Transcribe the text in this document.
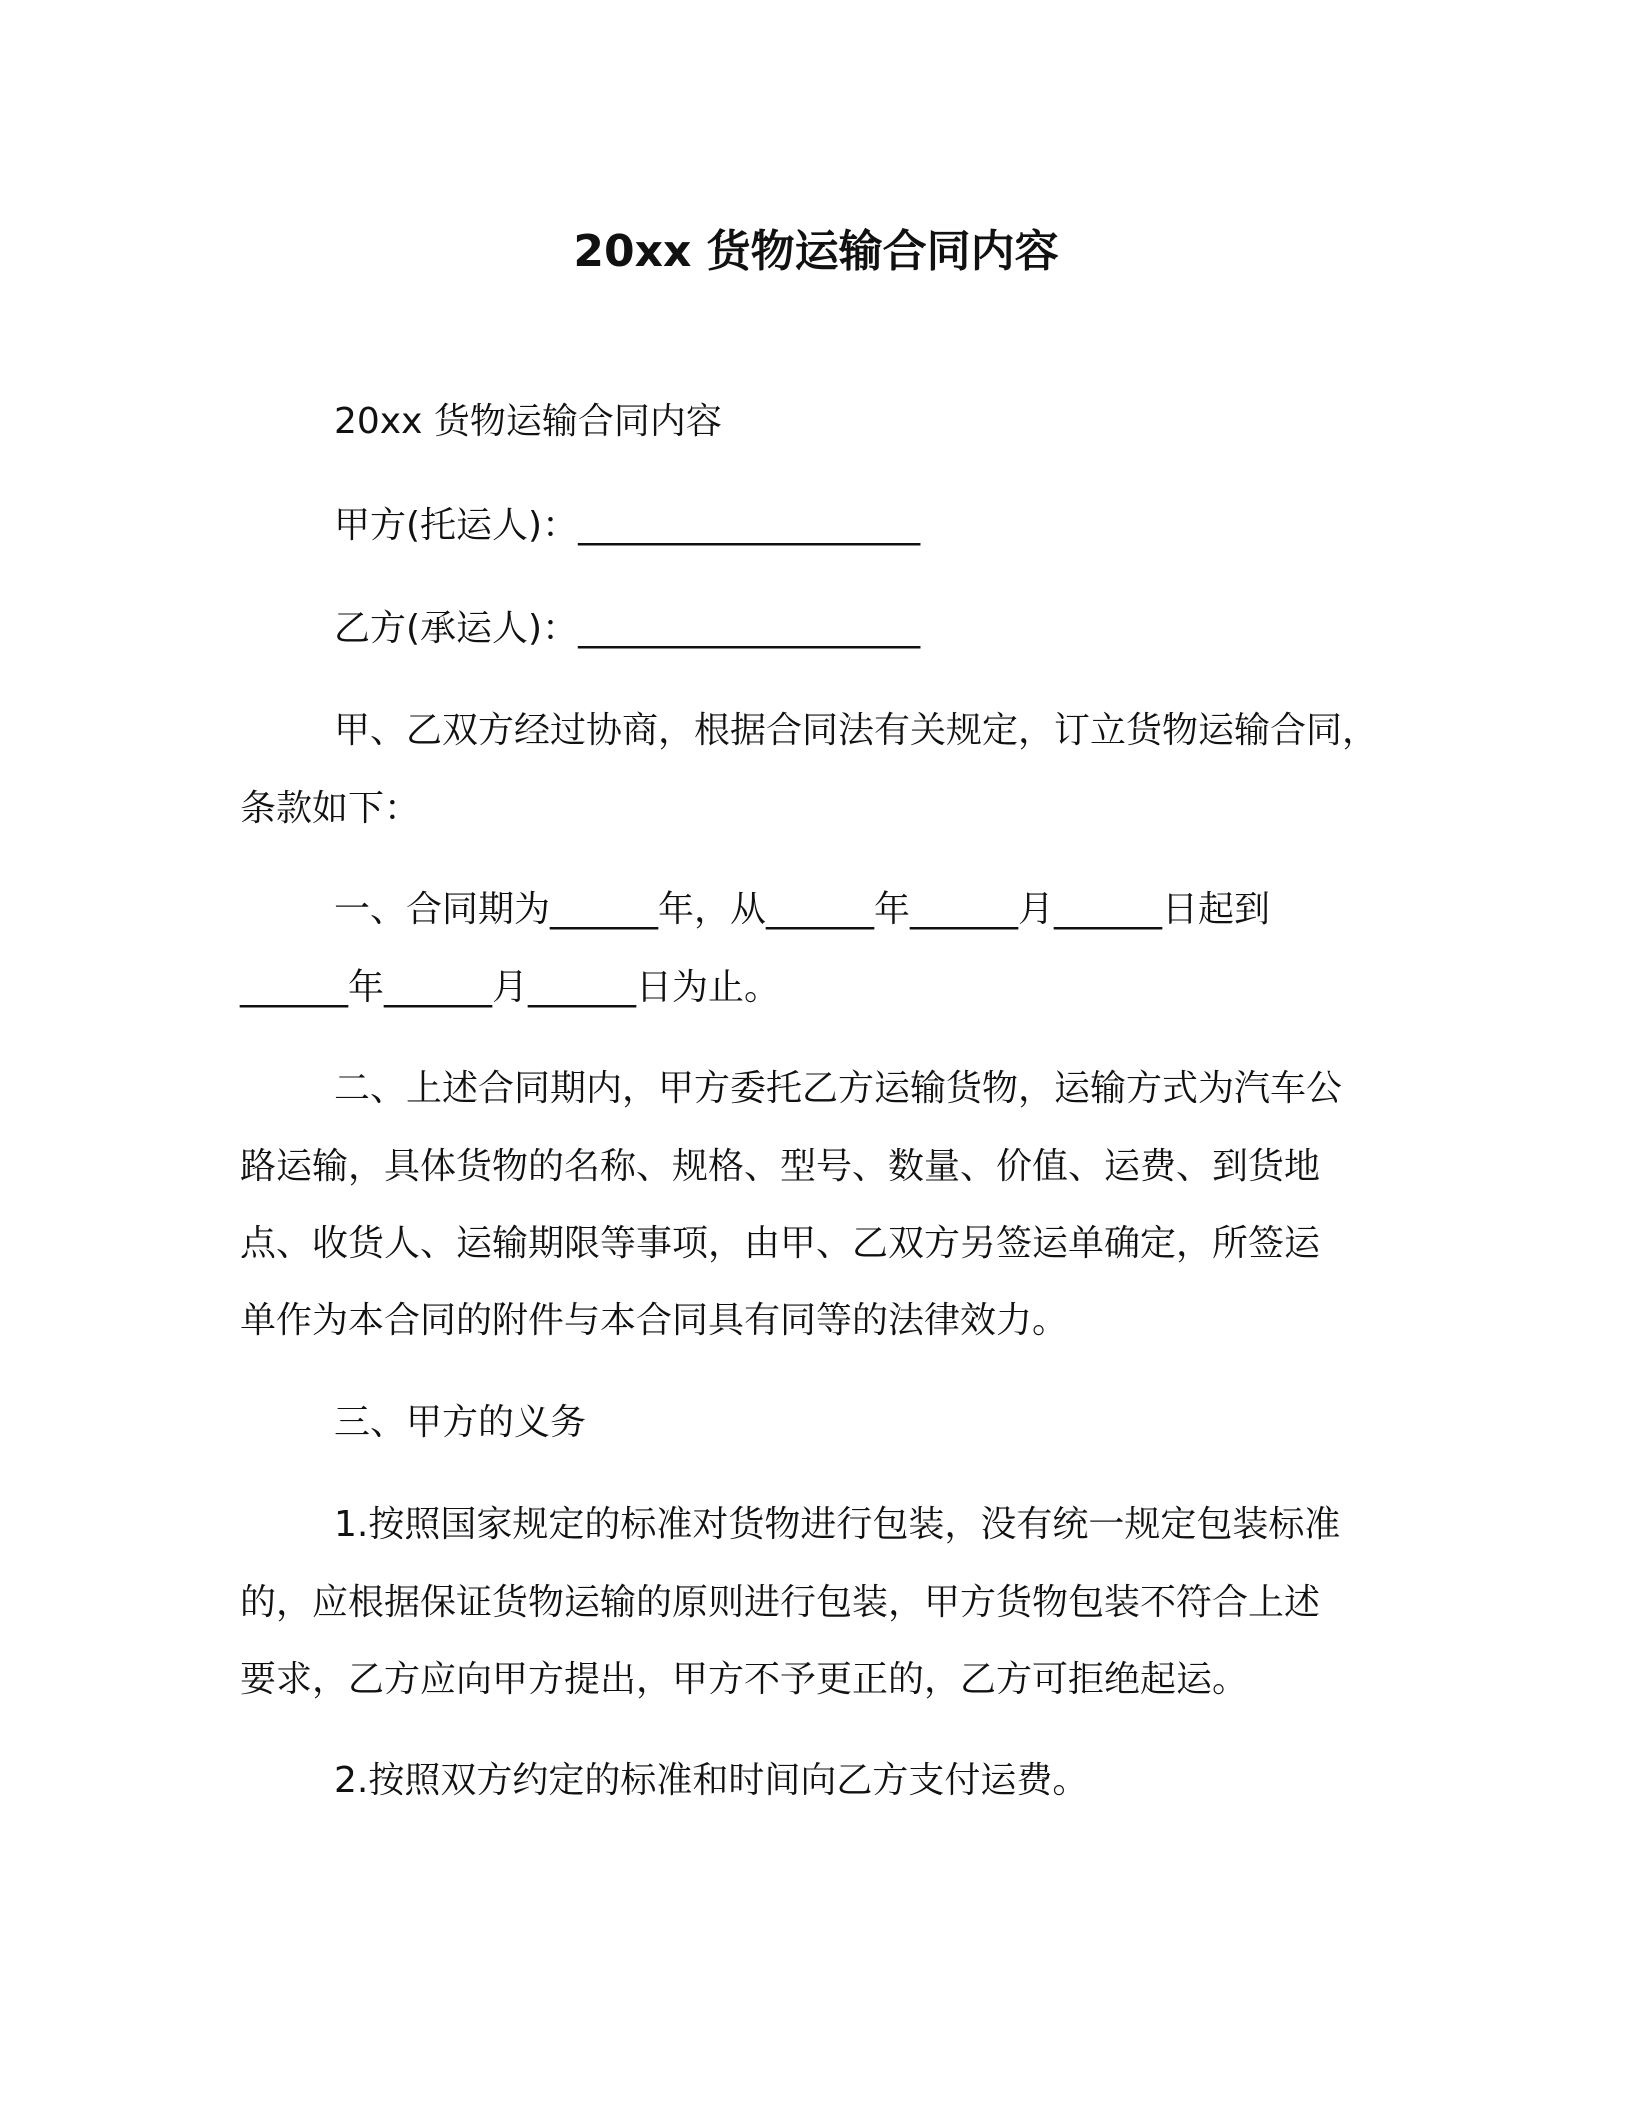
20xx 货物运输合同内容
20xx 货物运输合同内容
甲方(托运人)：___________________
乙方(承运人)：___________________
甲、乙双方经过协商，根据合同法有关规定，订立货物运输合同，
条款如下：
一、合同期为______年，从______年______月______日起到
______年______月______日为止。
二、上述合同期内，甲方委托乙方运输货物，运输方式为汽车公
路运输，具体货物的名称、规格、型号、数量、价值、运费、到货地
点、收货人、运输期限等事项，由甲、乙双方另签运单确定，所签运
单作为本合同的附件与本合同具有同等的法律效力。
三、甲方的义务
1.按照国家规定的标准对货物进行包装，没有统一规定包装标准
的，应根据保证货物运输的原则进行包装，甲方货物包装不符合上述
要求，乙方应向甲方提出，甲方不予更正的，乙方可拒绝起运。
2.按照双方约定的标准和时间向乙方支付运费。
